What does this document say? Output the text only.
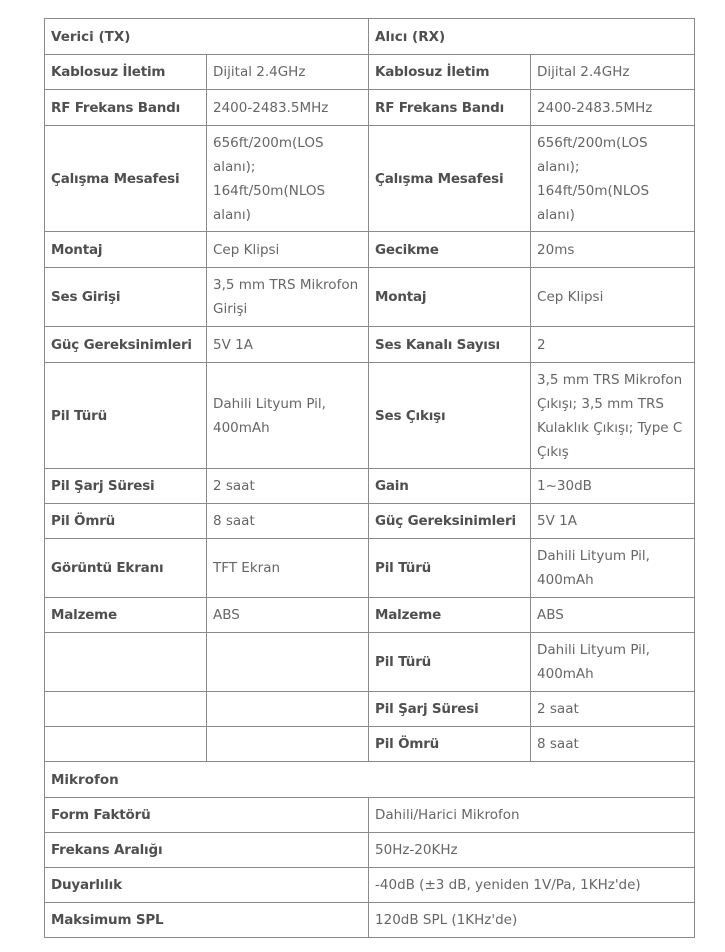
Verici (TX)		Alıcı (RX)	
Kablosuz İletim	Dijital 2.4GHz	Kablosuz İletim	Dijital 2.4GHz
RF Frekans Bandı	2400-2483.5MHz	RF Frekans Bandı	2400-2483.5MHz
Çalışma Mesafesi	656ft/200m(LOS alanı); 164ft/50m(NLOS alanı)	Çalışma Mesafesi	656ft/200m(LOS alanı); 164ft/50m(NLOS alanı)
Montaj	Cep Klipsi	Gecikme	20ms
Ses Girişi	3,5 mm TRS Mikrofon Girişi	Montaj	Cep Klipsi
Güç Gereksinimleri	5V 1A	Ses Kanalı Sayısı	2
Pil Türü	Dahili Lityum Pil, 400mAh	Ses Çıkışı	3,5 mm TRS Mikrofon Çıkışı; 3,5 mm TRS Kulaklık Çıkışı; Type C Çıkış
Pil Şarj Süresi	2 saat	Gain	1~30dB
Pil Ömrü	8 saat	Güç Gereksinimleri	5V 1A
Görüntü Ekranı	TFT Ekran	Pil Türü	Dahili Lityum Pil, 400mAh
Malzeme	ABS	Malzeme	ABS
		Pil Türü	Dahili Lityum Pil, 400mAh
		Pil Şarj Süresi	2 saat
		Pil Ömrü	8 saat
Mikrofon			
Form Faktörü		Dahili/Harici Mikrofon	
Frekans Aralığı		50Hz-20KHz	
Duyarlılık		-40dB (±3 dB, yeniden 1V/Pa, 1KHz'de)	
Maksimum SPL		120dB SPL (1KHz'de)	
